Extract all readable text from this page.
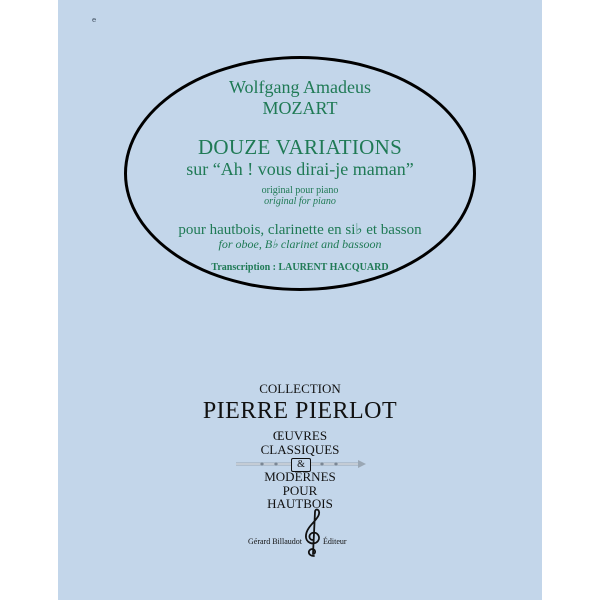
e
Wolfgang Amadeus
MOZART
DOUZE VARIATIONS
sur “Ah ! vous dirai-je maman”
original pour piano
original for piano
pour hautbois, clarinette en si♭ et basson
for oboe, B♭ clarinet and bassoon
Transcription : LAURENT HACQUARD
COLLECTION
PIERRE PIERLOT
ŒUVRES
CLASSIQUES
&
MODERNES
POUR
HAUTBOIS
Gérard Billaudot	Éditeur
